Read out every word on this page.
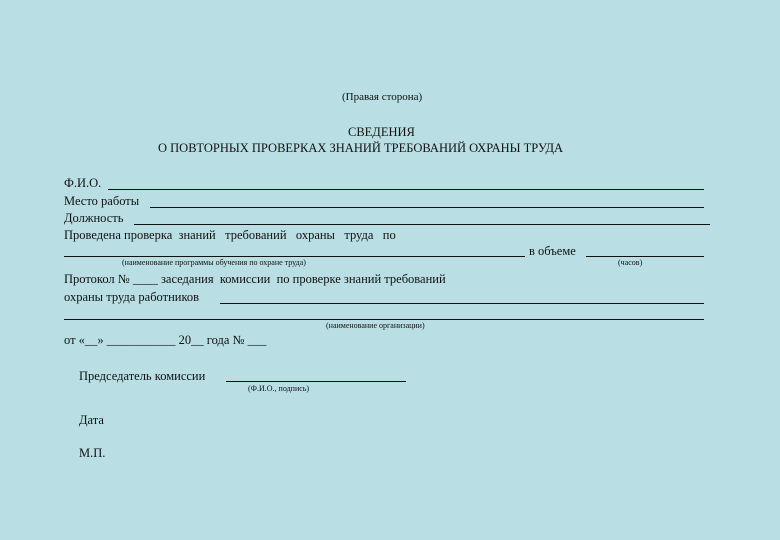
(Правая сторона)
СВЕДЕНИЯ
О ПОВТОРНЫХ ПРОВЕРКАХ ЗНАНИЙ ТРЕБОВАНИЙ ОХРАНЫ ТРУДА
Ф.И.О.
Место работы
Должность
Проведена проверка  знаний   требований   охраны   труда   по
в объеме
(наименование программы обучения по охране труда)	(часов)
Протокол № ____ заседания  комиссии  по проверке знаний требований
охраны труда работников
(наименование организации)
от «__» ___________ 20__ года № ___
Председатель комиссии
(Ф.И.О., подпись)
Дата
М.П.
